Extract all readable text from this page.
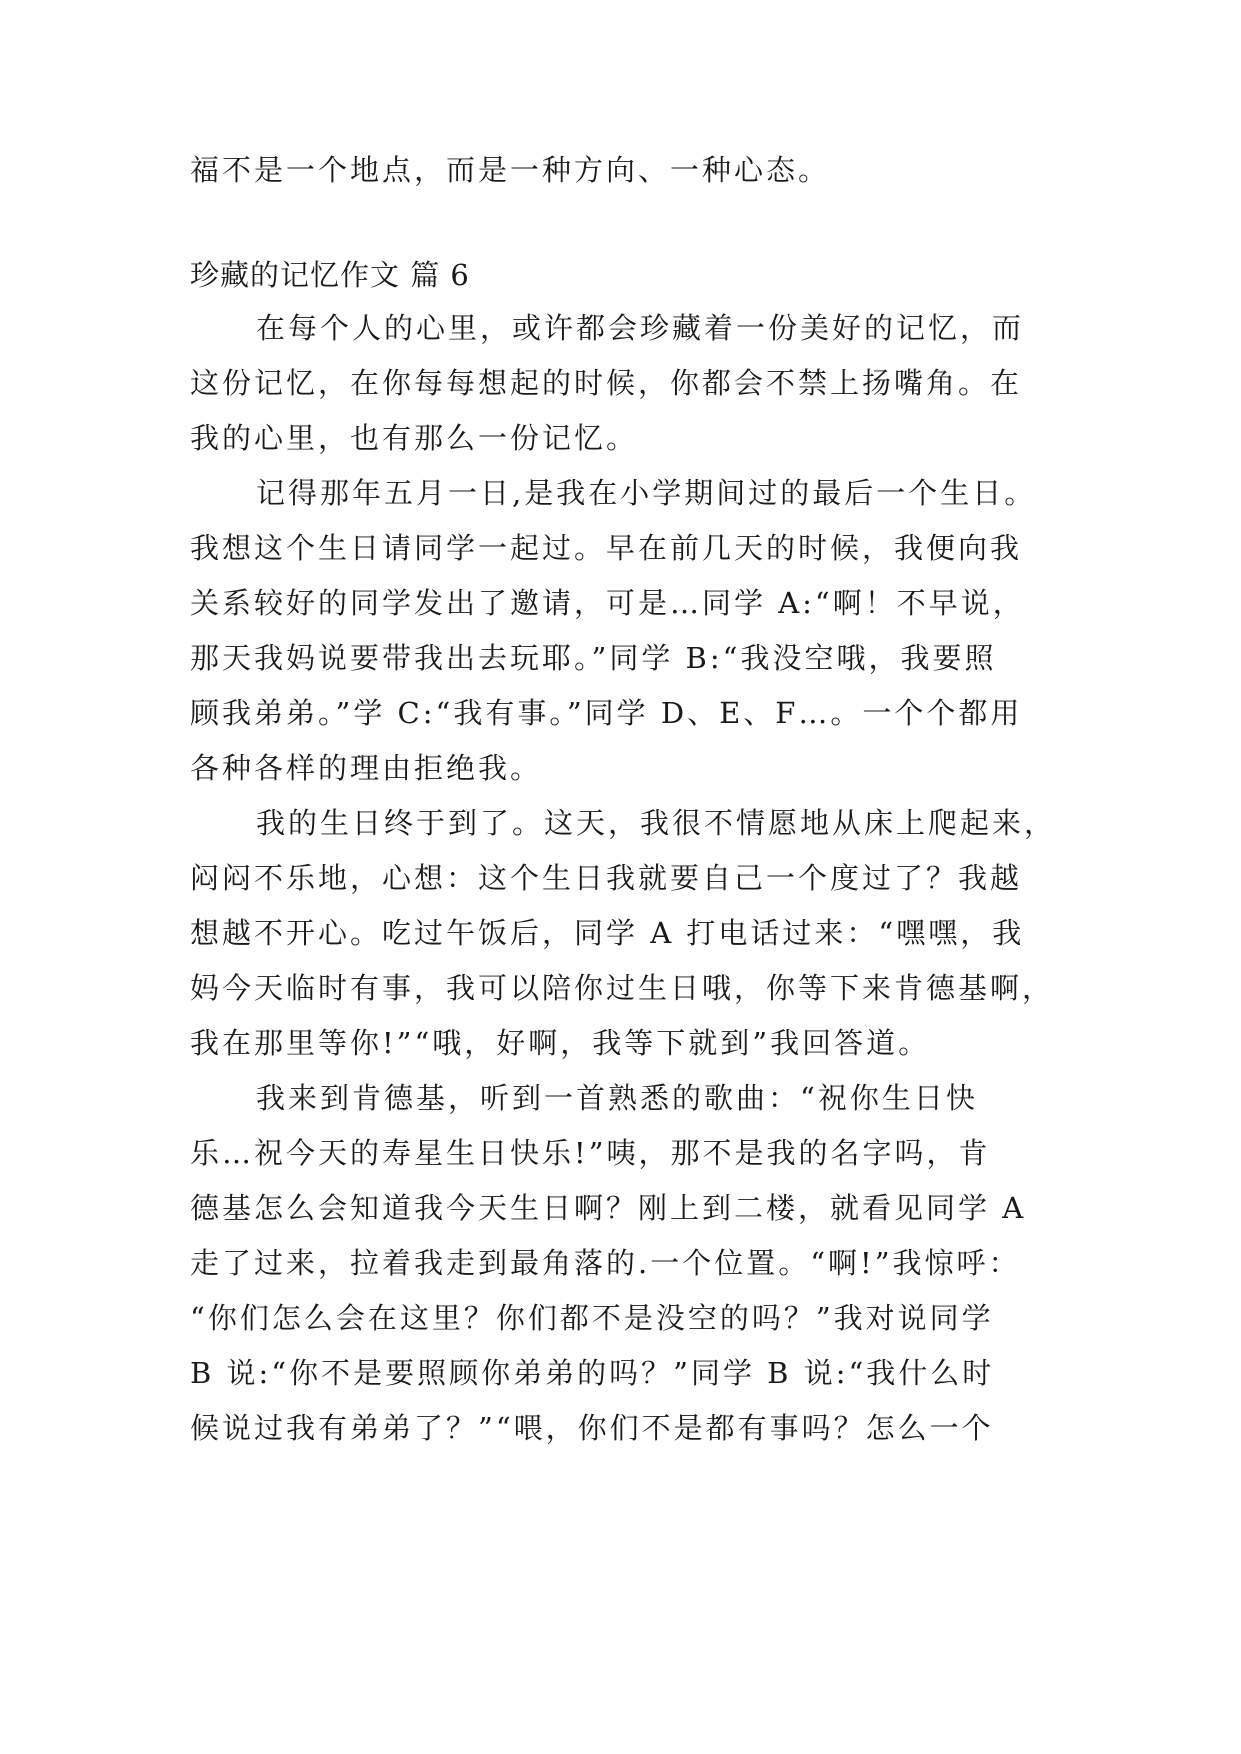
福不是一个地点，而是一种方向、一种心态。

珍藏的记忆作文 篇 6

在每个人的心里，或许都会珍藏着一份美好的记忆，而

这份记忆，在你每每想起的时候，你都会不禁上扬嘴角。在

我的心里，也有那么一份记忆。

记得那年五月一日,是我在小学期间过的最后一个生日。

我想这个生日请同学一起过。早在前几天的时候，我便向我

关系较好的同学发出了邀请，可是…同学 A:“啊！不早说，

那天我妈说要带我出去玩耶。”同学 B:“我没空哦，我要照

顾我弟弟。”学 C:“我有事。”同学 D、E、F…。一个个都用

各种各样的理由拒绝我。

我的生日终于到了。这天，我很不情愿地从床上爬起来，

闷闷不乐地，心想：这个生日我就要自己一个度过了？我越

想越不开心。吃过午饭后，同学 A 打电话过来：“嘿嘿，我

妈今天临时有事，我可以陪你过生日哦，你等下来肯德基啊，

我在那里等你!”“哦，好啊，我等下就到”我回答道。

我来到肯德基，听到一首熟悉的歌曲：“祝你生日快

乐…祝今天的寿星生日快乐!”咦，那不是我的名字吗，肯

德基怎么会知道我今天生日啊？刚上到二楼，就看见同学 A

走了过来，拉着我走到最角落的.一个位置。“啊!”我惊呼：

“你们怎么会在这里？你们都不是没空的吗？”我对说同学

B 说:“你不是要照顾你弟弟的吗？”同学 B 说:“我什么时

候说过我有弟弟了？”“喂，你们不是都有事吗？怎么一个
